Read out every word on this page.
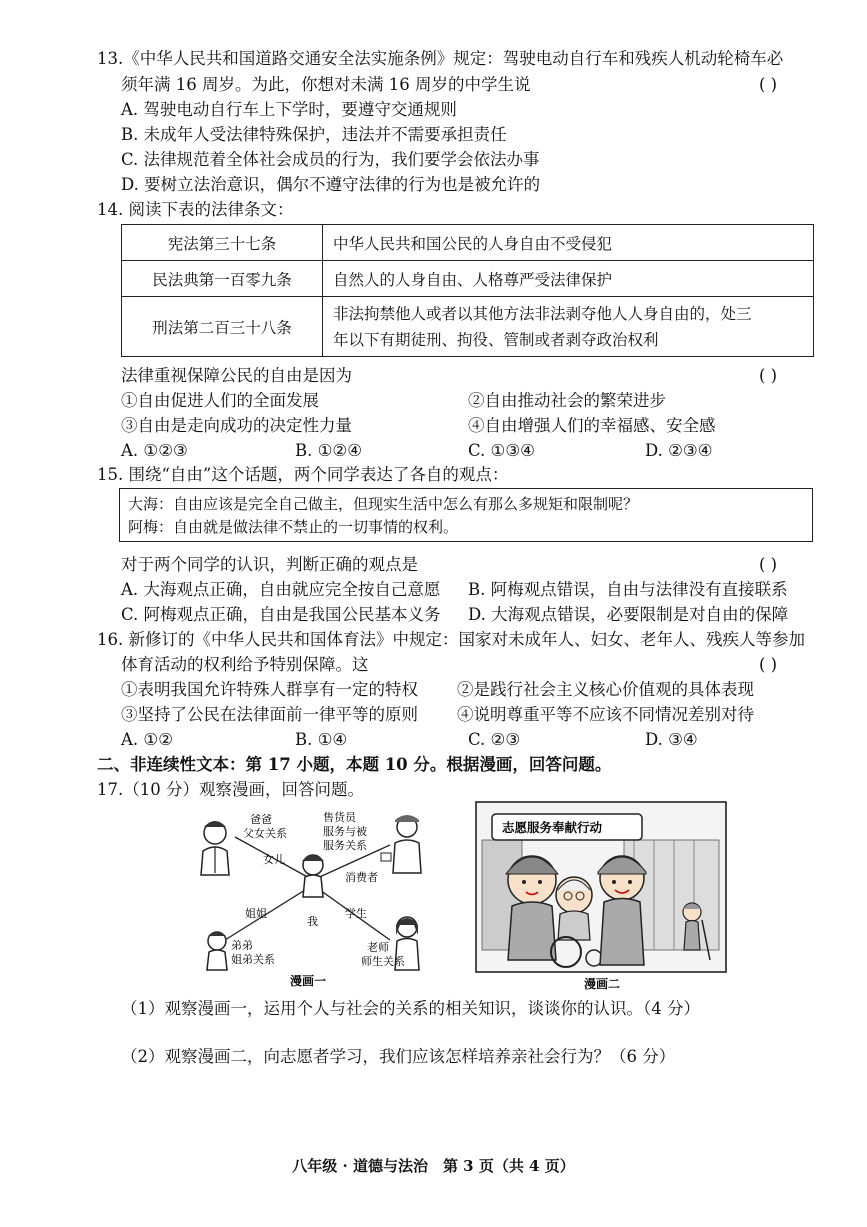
13.《中华人民共和国道路交通安全法实施条例》规定：驾驶电动自行车和残疾人机动轮椅车必
须年满 16 周岁。为此，你想对未满 16 周岁的中学生说	( )
A. 驾驶电动自行车上下学时，要遵守交通规则
B. 未成年人受法律特殊保护，违法并不需要承担责任
C. 法律规范着全体社会成员的行为，我们要学会依法办事
D. 要树立法治意识，偶尔不遵守法律的行为也是被允许的
14. 阅读下表的法律条文：
宪法第三十七条	中华人民共和国公民的人身自由不受侵犯
民法典第一百零九条	自然人的人身自由、人格尊严受法律保护
刑法第二百三十八条	非法拘禁他人或者以其他方法非法剥夺他人人身自由的，处三
年以下有期徒刑、拘役、管制或者剥夺政治权利
法律重视保障公民的自由是因为	( )
①自由促进人们的全面发展	②自由推动社会的繁荣进步
③自由是走向成功的决定性力量	④自由增强人们的幸福感、安全感
A. ①②③	B. ①②④	C. ①③④	D. ②③④
15. 围绕“自由”这个话题，两个同学表达了各自的观点：
大海：自由应该是完全自己做主，但现实生活中怎么有那么多规矩和限制呢？
阿梅：自由就是做法律不禁止的一切事情的权利。
对于两个同学的认识，判断正确的观点是	( )
A. 大海观点正确，自由就应完全按自己意愿 B. 阿梅观点错误，自由与法律没有直接联系
C. 阿梅观点正确，自由是我国公民基本义务 D. 大海观点错误，必要限制是对自由的保障
16. 新修订的《中华人民共和国体育法》中规定：国家对未成年人、妇女、老年人、残疾人等参加
体育活动的权利给予特别保障。这	( )
①表明我国允许特殊人群享有一定的特权 ②是践行社会主义核心价值观的具体表现
③坚持了公民在法律面前一律平等的原则 ④说明尊重平等不应该不同情况差别对待
A. ①②	B. ①④	C. ②③	D. ③④
二、非连续性文本：第 17 小题，本题 10 分。根据漫画，回答问题。
17.（10 分）观察漫画，回答问题。
爸爸
父女关系
女儿
售货员
服务与被
服务关系
消费者
姐姐
我
弟弟
姐弟关系
学生
老师
师生关系
漫画一
志愿服务奉献行动
漫画二
（1）观察漫画一，运用个人与社会的关系的相关知识，谈谈你的认识。（4 分）
（2）观察漫画二，向志愿者学习，我们应该怎样培养亲社会行为？（6 分）
八年级 · 道德与法治　第 3 页（共 4 页）
